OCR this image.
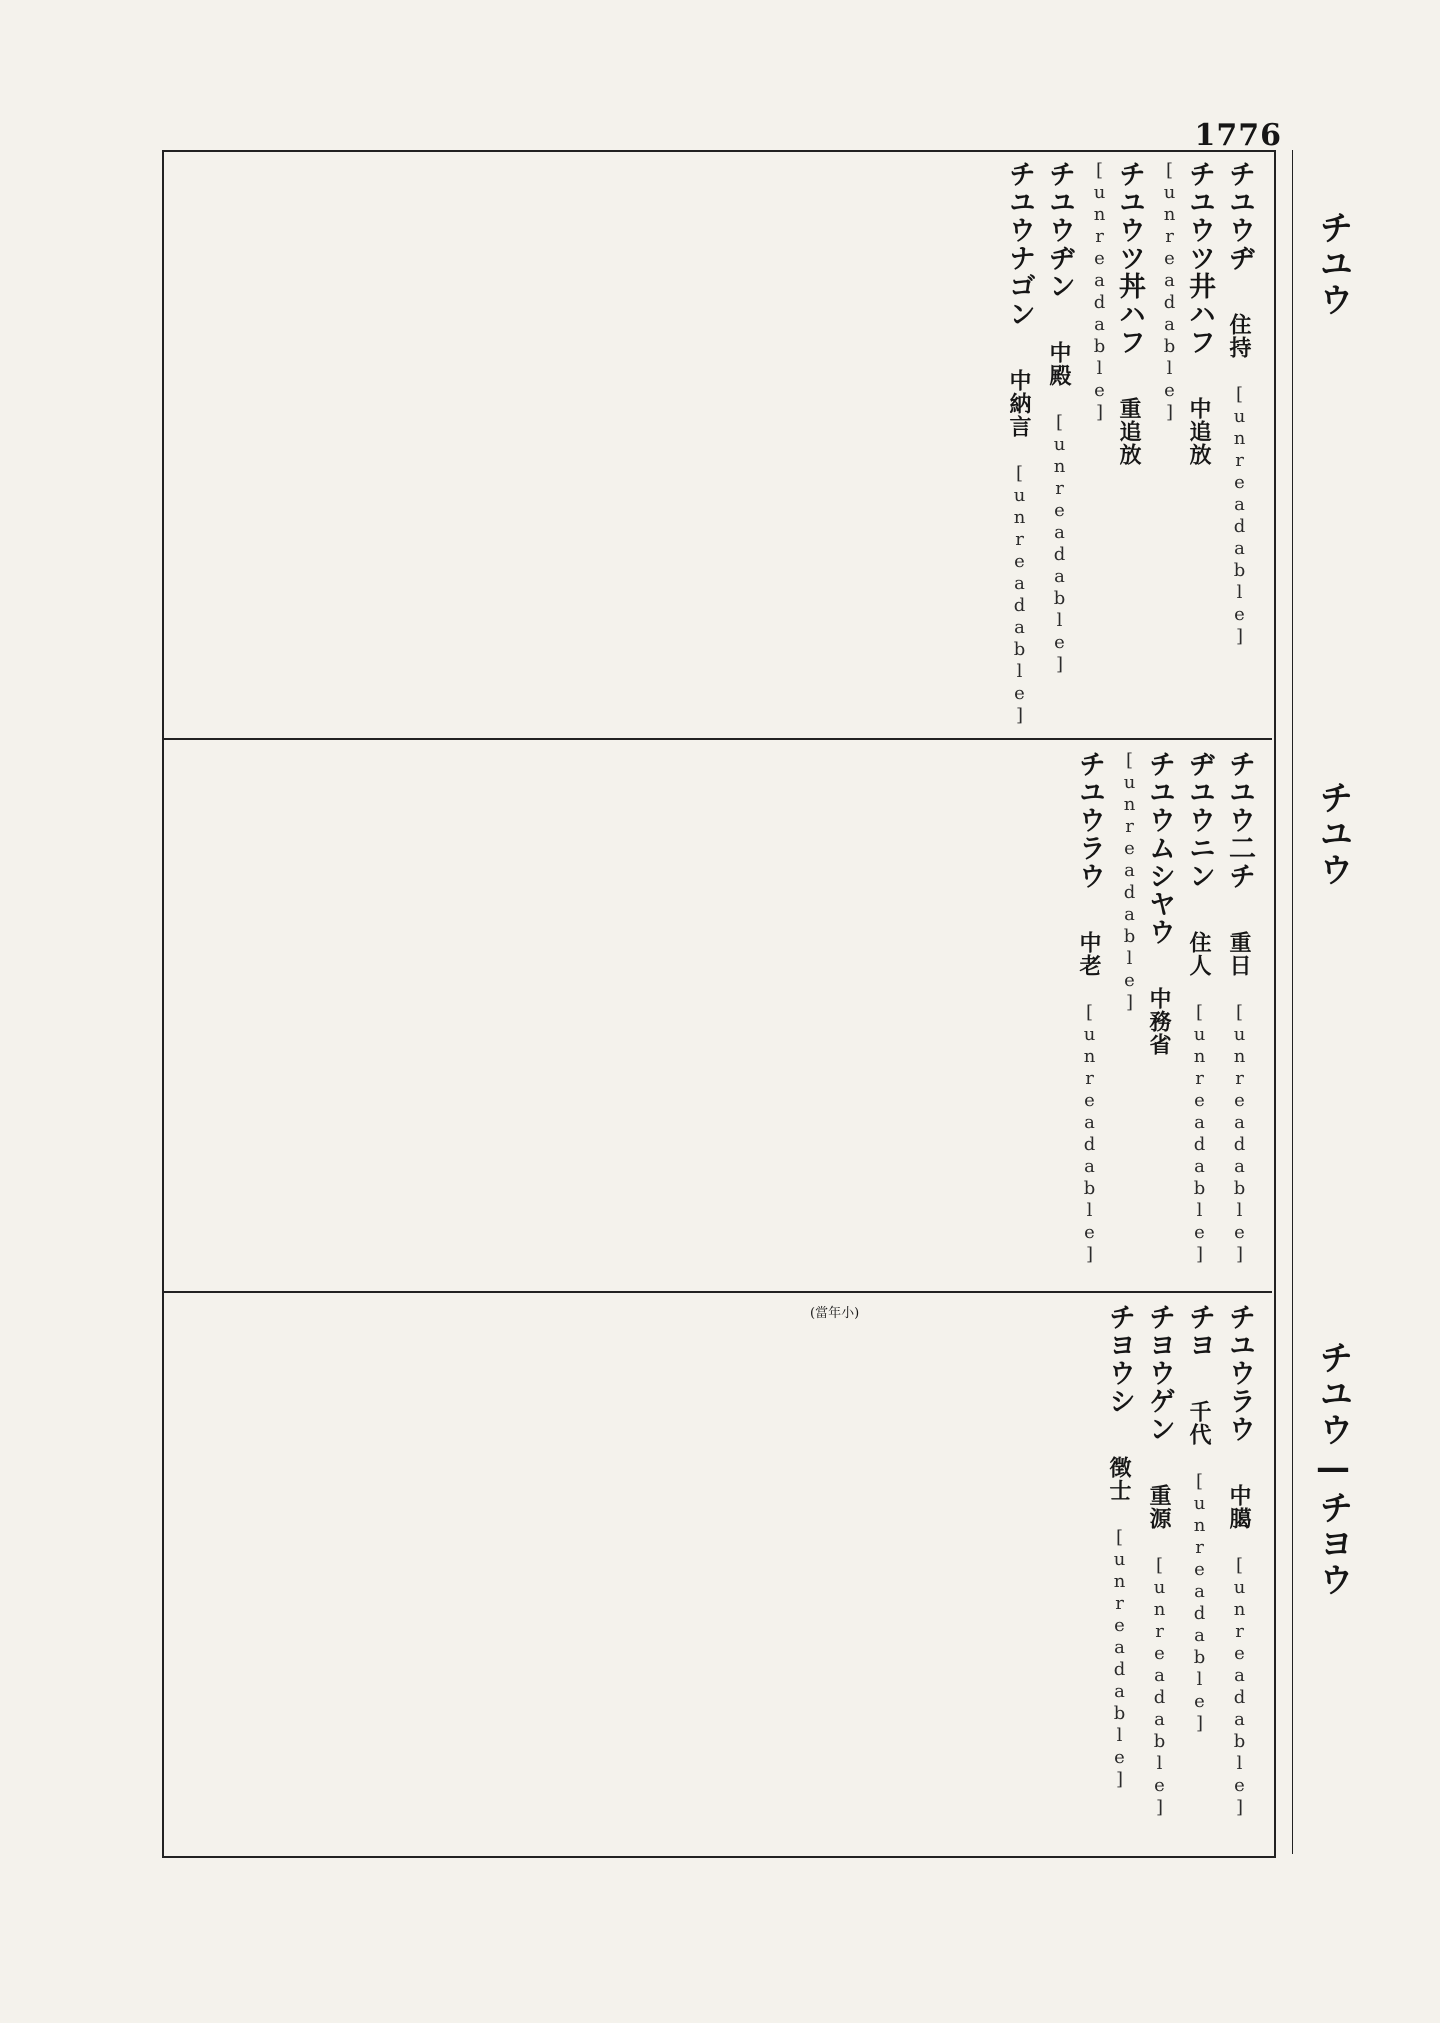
1776
チユウ
チユウ
チユウ—チヨウ
(當年小)
チユウヂ 住持 [unreadable]
チユウツ井ハフ 中追放 [unreadable]
チユウツ丼ハフ 重追放 [unreadable]
チユウヂン 中殿 [unreadable]
チユウナゴン 中納言 [unreadable]
チユウ二チ 重日 [unreadable]
ヂユウニン 住人 [unreadable]
チユウムシヤウ 中務省 [unreadable]
チユウラウ 中老 [unreadable]
チユウラウ 中臈 [unreadable]
チヨ 千代 [unreadable]
チヨウゲン 重源 [unreadable]
チヨウシ 徴士 [unreadable]
